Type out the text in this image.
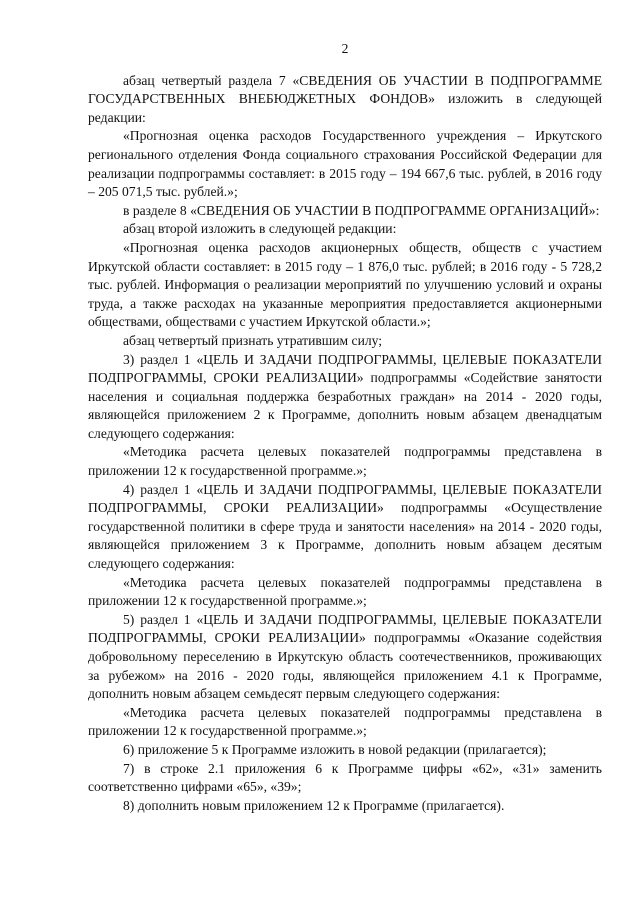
2

абзац четвертый раздела 7 «СВЕДЕНИЯ ОБ УЧАСТИИ В ПОДПРОГРАММЕ ГОСУДАРСТВЕННЫХ ВНЕБЮДЖЕТНЫХ ФОНДОВ» изложить в следующей редакции:

«Прогнозная оценка расходов Государственного учреждения – Иркутского регионального отделения Фонда социального страхования Российской Федерации для реализации подпрограммы составляет: в 2015 году – 194 667,6 тыс. рублей, в 2016 году – 205 071,5 тыс. рублей.»;

в разделе 8 «СВЕДЕНИЯ ОБ УЧАСТИИ В ПОДПРОГРАММЕ ОРГАНИЗАЦИЙ»:

абзац второй изложить в следующей редакции:

«Прогнозная оценка расходов акционерных обществ, обществ с участием Иркутской области составляет: в 2015 году – 1 876,0 тыс. рублей; в 2016 году - 5 728,2 тыс. рублей. Информация о реализации мероприятий по улучшению условий и охраны труда, а также расходах на указанные мероприятия предоставляется акционерными обществами, обществами с участием Иркутской области.»;

абзац четвертый признать утратившим силу;

3) раздел 1 «ЦЕЛЬ И ЗАДАЧИ ПОДПРОГРАММЫ, ЦЕЛЕВЫЕ ПОКАЗАТЕЛИ ПОДПРОГРАММЫ, СРОКИ РЕАЛИЗАЦИИ» подпрограммы «Содействие занятости населения и социальная поддержка безработных граждан» на 2014 - 2020 годы, являющейся приложением 2 к Программе, дополнить новым абзацем двенадцатым следующего содержания:

«Методика расчета целевых показателей подпрограммы представлена в приложении 12 к государственной программе.»;

4) раздел 1 «ЦЕЛЬ И ЗАДАЧИ ПОДПРОГРАММЫ, ЦЕЛЕВЫЕ ПОКАЗАТЕЛИ ПОДПРОГРАММЫ, СРОКИ РЕАЛИЗАЦИИ» подпрограммы «Осуществление государственной политики в сфере труда и занятости населения» на 2014 - 2020 годы, являющейся приложением 3 к Программе, дополнить новым абзацем десятым следующего содержания:

«Методика расчета целевых показателей подпрограммы представлена в приложении 12 к государственной программе.»;

5) раздел 1 «ЦЕЛЬ И ЗАДАЧИ ПОДПРОГРАММЫ, ЦЕЛЕВЫЕ ПОКАЗАТЕЛИ ПОДПРОГРАММЫ, СРОКИ РЕАЛИЗАЦИИ» подпрограммы «Оказание содействия добровольному переселению в Иркутскую область соотечественников, проживающих за рубежом» на 2016 - 2020 годы, являющейся приложением 4.1 к Программе, дополнить новым абзацем семьдесят первым следующего содержания:

«Методика расчета целевых показателей подпрограммы представлена в приложении 12 к государственной программе.»;

6) приложение 5 к Программе изложить в новой редакции (прилагается);

7) в строке 2.1 приложения 6 к Программе цифры «62», «31» заменить соответственно цифрами «65», «39»;

8) дополнить новым приложением 12 к Программе (прилагается).
